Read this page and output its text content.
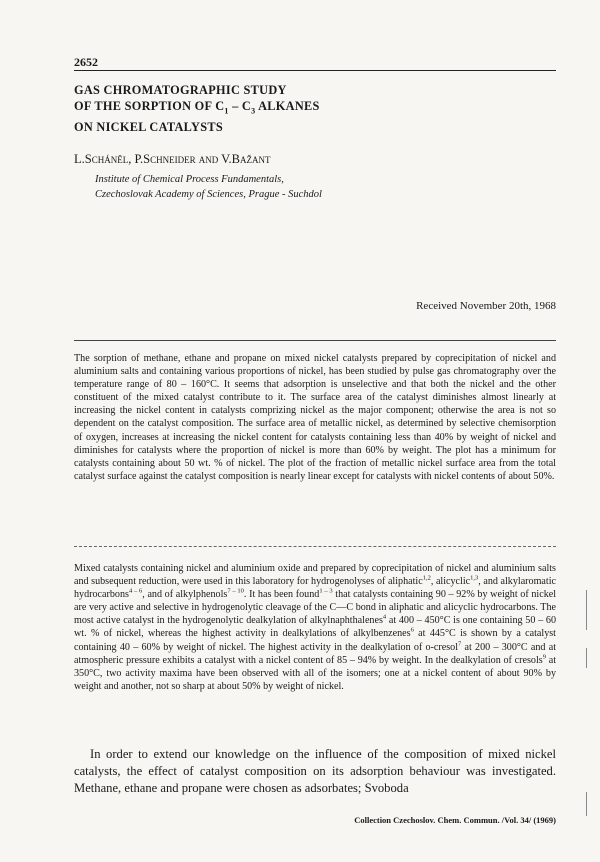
2652
GAS CHROMATOGRAPHIC STUDY
OF THE SORPTION OF $C_1 - C_3$ ALKANES
ON NICKEL CATALYSTS
L.Schánĕl, P.Schneider and V.Bažant
Institute of Chemical Process Fundamentals,
Czechoslovak Academy of Sciences, Prague - Suchdol
Received November 20th, 1968
The sorption of methane, ethane and propane on mixed nickel catalysts prepared by coprecipitation of nickel and aluminium salts and containing various proportions of nickel, has been studied by pulse gas chromatography over the temperature range of 80 – 160°C. It seems that adsorption is unselective and that both the nickel and the other constituent of the mixed catalyst contribute to it. The surface area of the catalyst diminishes almost linearly at increasing the nickel content in catalysts comprizing nickel as the major component; otherwise the area is not so dependent on the catalyst composition. The surface area of metallic nickel, as determined by selective chemisorption of oxygen, increases at increasing the nickel content for catalysts containing less than 40% by weight of nickel and diminishes for catalysts where the proportion of nickel is more than 60% by weight. The plot has a minimum for catalysts containing about 50 wt. % of nickel. The plot of the fraction of metallic nickel surface area from the total catalyst surface against the catalyst composition is nearly linear except for catalysts with nickel contents of about 50%.
Mixed catalysts containing nickel and aluminium oxide and prepared by coprecipitation of nickel and aluminium salts and subsequent reduction, were used in this laboratory for hydrogenolyses of aliphatic$^{1,2}$, alicyclic$^{1,3}$, and alkylaromatic hydrocarbons$^{4 - 6}$, and of alkylphenols$^{7 - 10}$. It has been found$^{1 - 3}$ that catalysts containing 90 – 92% by weight of nickel are very active and selective in hydrogenolytic cleavage of the C—C bond in aliphatic and alicyclic hydrocarbons. The most active catalyst in the hydrogenolytic dealkylation of alkylnaphthalenes$^4$ at 400 – 450°C is one containing 50 – 60 wt. % of nickel, whereas the highest activity in dealkylations of alkylbenzenes$^6$ at 445°C is shown by a catalyst containing 40 – 60% by weight of nickel. The highest activity in the dealkylation of o-cresol$^7$ at 200 – 300°C and at atmospheric pressure exhibits a catalyst with a nickel content of 85 – 94% by weight. In the dealkylation of cresols$^9$ at 350°C, two activity maxima have been observed with all of the isomers; one at a nickel content of about 90% by weight and another, not so sharp at about 50% by weight of nickel.
In order to extend our knowledge on the influence of the composition of mixed nickel catalysts, the effect of catalyst composition on its adsorption behaviour was investigated. Methane, ethane and propane were chosen as adsorbates; Svoboda
Collection Czechoslov. Chem. Commun. /Vol. 34/ (1969)
